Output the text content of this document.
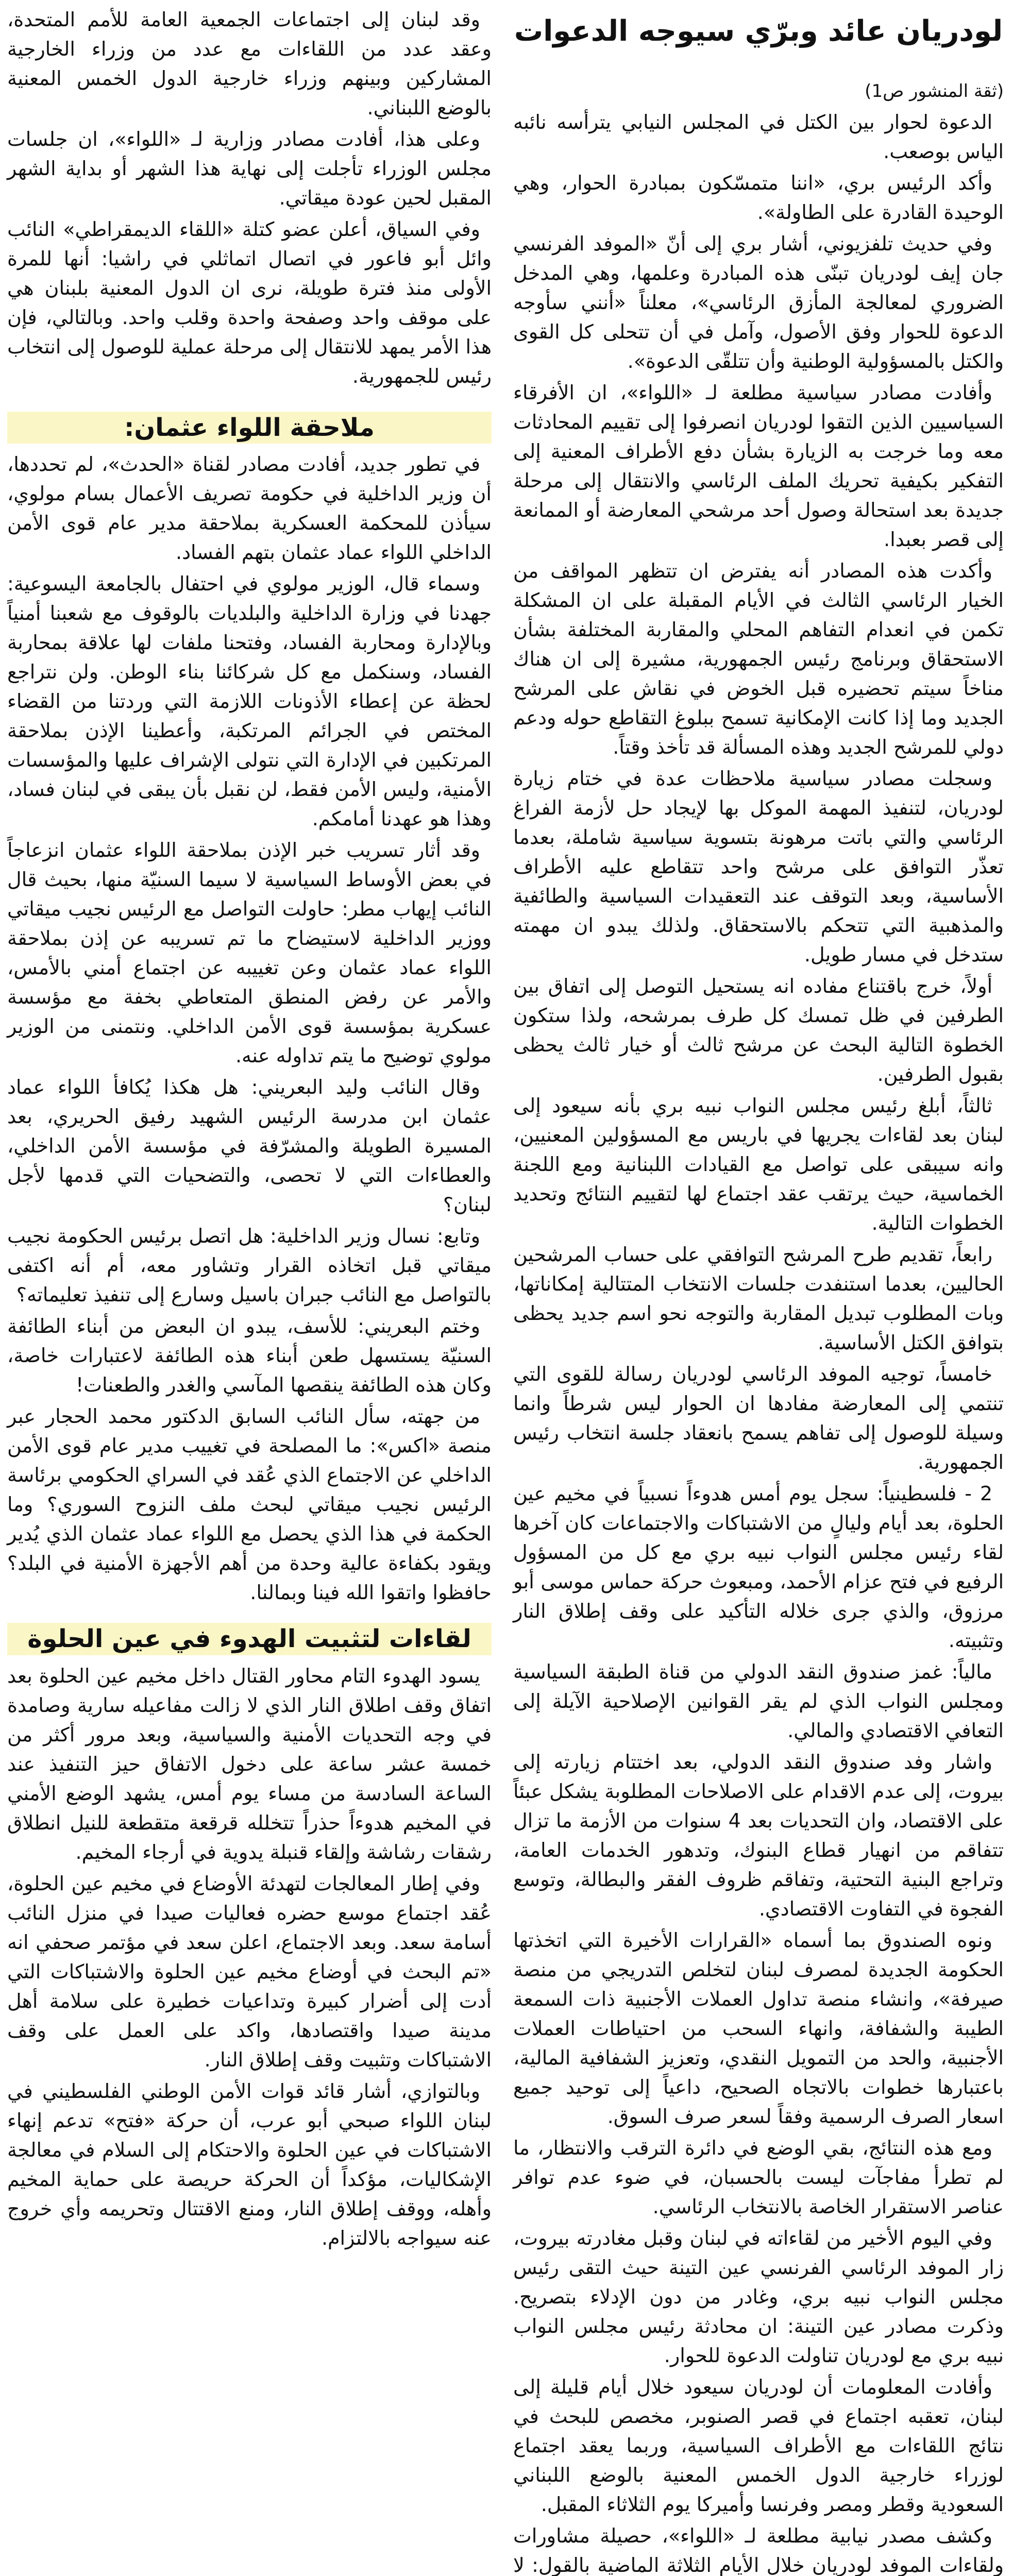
لودريان عائد وبرّي سيوجه الدعوات

(ثقة المنشور ص1)

الدعوة لحوار بين الكتل في المجلس النيابي يترأسه نائبه الياس بوصعب.

وأكد الرئيس بري، «اننا متمسّكون بمبادرة الحوار، وهي الوحيدة القادرة على الطاولة».

وفي حديث تلفزيوني، أشار بري إلى أنّ «الموفد الفرنسي جان إيف لودريان تبنّى هذه المبادرة وعلمها، وهي المدخل الضروري لمعالجة المأزق الرئاسي»، معلناً «أنني سأوجه الدعوة للحوار وفق الأصول، وآمل في أن تتحلى كل القوى والكتل بالمسؤولية الوطنية وأن تتلقّى الدعوة».

وأفادت مصادر سياسية مطلعة لـ «اللواء»، ان الأفرقاء السياسيين الذين التقوا لودريان انصرفوا إلى تقييم المحادثات معه وما خرجت به الزيارة بشأن دفع الأطراف المعنية إلى التفكير بكيفية تحريك الملف الرئاسي والانتقال إلى مرحلة جديدة بعد استحالة وصول أحد مرشحي المعارضة أو الممانعة إلى قصر بعبدا.

وأكدت هذه المصادر أنه يفترض ان تتظهر المواقف من الخيار الرئاسي الثالث في الأيام المقبلة على ان المشكلة تكمن في انعدام التفاهم المحلي والمقاربة المختلفة بشأن الاستحقاق وبرنامج رئيس الجمهورية، مشيرة إلى ان هناك مناخاً سيتم تحضيره قبل الخوض في نقاش على المرشح الجديد وما إذا كانت الإمكانية تسمح ببلوغ التقاطع حوله ودعم دولي للمرشح الجديد وهذه المسألة قد تأخذ وقتاً.

وسجلت مصادر سياسية ملاحظات عدة في ختام زيارة لودريان، لتنفيذ المهمة الموكل بها لإيجاد حل لأزمة الفراغ الرئاسي والتي باتت مرهونة بتسوية سياسية شاملة، بعدما تعذّر التوافق على مرشح واحد تتقاطع عليه الأطراف الأساسية، وبعد التوقف عند التعقيدات السياسية والطائفية والمذهبية التي تتحكم بالاستحقاق. ولذلك يبدو ان مهمته ستدخل في مسار طويل.

أولاً، خرج باقتناع مفاده انه يستحيل التوصل إلى اتفاق بين الطرفين في ظل تمسك كل طرف بمرشحه، ولذا ستكون الخطوة التالية البحث عن مرشح ثالث أو خيار ثالث يحظى بقبول الطرفين.

ثالثاً، أبلغ رئيس مجلس النواب نبيه بري بأنه سيعود إلى لبنان بعد لقاءات يجريها في باريس مع المسؤولين المعنيين، وانه سيبقى على تواصل مع القيادات اللبنانية ومع اللجنة الخماسية، حيث يرتقب عقد اجتماع لها لتقييم النتائج وتحديد الخطوات التالية.

رابعاً، تقديم طرح المرشح التوافقي على حساب المرشحين الحاليين، بعدما استنفدت جلسات الانتخاب المتتالية إمكاناتها، وبات المطلوب تبديل المقاربة والتوجه نحو اسم جديد يحظى بتوافق الكتل الأساسية.

خامساً، توجيه الموفد الرئاسي لودريان رسالة للقوى التي تنتمي إلى المعارضة مفادها ان الحوار ليس شرطاً وانما وسيلة للوصول إلى تفاهم يسمح بانعقاد جلسة انتخاب رئيس الجمهورية.

2 - فلسطينياً: سجل يوم أمس هدوءاً نسبياً في مخيم عين الحلوة، بعد أيام وليالٍ من الاشتباكات والاجتماعات كان آخرها لقاء رئيس مجلس النواب نبيه بري مع كل من المسؤول الرفيع في فتح عزام الأحمد، ومبعوث حركة حماس موسى أبو مرزوق، والذي جرى خلاله التأكيد على وقف إطلاق النار وتثبيته.

مالياً: غمز صندوق النقد الدولي من قناة الطبقة السياسية ومجلس النواب الذي لم يقر القوانين الإصلاحية الآيلة إلى التعافي الاقتصادي والمالي.

واشار وفد صندوق النقد الدولي، بعد اختتام زيارته إلى بيروت، إلى عدم الاقدام على الاصلاحات المطلوبة يشكل عبئاً على الاقتصاد، وان التحديات بعد 4 سنوات من الأزمة ما تزال تتفاقم من انهيار قطاع البنوك، وتدهور الخدمات العامة، وتراجع البنية التحتية، وتفاقم ظروف الفقر والبطالة، وتوسع الفجوة في التفاوت الاقتصادي.

ونوه الصندوق بما أسماه «القرارات الأخيرة التي اتخذتها الحكومة الجديدة لمصرف لبنان لتخلص التدريجي من منصة صيرفة»، وانشاء منصة تداول العملات الأجنبية ذات السمعة الطيبة والشفافة، وانهاء السحب من احتياطات العملات الأجنبية، والحد من التمويل النقدي، وتعزيز الشفافية المالية، باعتبارها خطوات بالاتجاه الصحيح، داعياً إلى توحيد جميع اسعار الصرف الرسمية وفقاً لسعر صرف السوق.

ومع هذه النتائج، بقي الوضع في دائرة الترقب والانتظار، ما لم تطرأ مفاجآت ليست بالحسبان، في ضوء عدم توافر عناصر الاستقرار الخاصة بالانتخاب الرئاسي.

وفي اليوم الأخير من لقاءاته في لبنان وقبل مغادرته بيروت، زار الموفد الرئاسي الفرنسي عين التينة حيث التقى رئيس مجلس النواب نبيه بري، وغادر من دون الإدلاء بتصريح. وذكرت مصادر عين التينة: ان محادثة رئيس مجلس النواب نبيه بري مع لودريان تناولت الدعوة للحوار.

وأفادت المعلومات أن لودريان سيعود خلال أيام قليلة إلى لبنان، تعقبه اجتماع في قصر الصنوبر، مخصص للبحث في نتائج اللقاءات مع الأطراف السياسية، وربما يعقد اجتماع لوزراء خارجية الدول الخمس المعنية بالوضع اللبناني السعودية وقطر ومصر وفرنسا وأميركا يوم الثلاثاء المقبل.

وكشف مصدر نيابية مطلعة لـ «اللواء»، حصيلة مشاورات ولقاءات الموفد لودريان خلال الأيام الثلاثة الماضية بالقول: لا

وقد لبنان إلى اجتماعات الجمعية العامة للأمم المتحدة، وعقد عدد من اللقاءات مع عدد من وزراء الخارجية المشاركين وبينهم وزراء خارجية الدول الخمس المعنية بالوضع اللبناني.

وعلى هذا، أفادت مصادر وزارية لـ «اللواء»، ان جلسات مجلس الوزراء تأجلت إلى نهاية هذا الشهر أو بداية الشهر المقبل لحين عودة ميقاتي.

وفي السياق، أعلن عضو كتلة «اللقاء الديمقراطي» النائب وائل أبو فاعور في اتصال اتماثلي في راشيا: أنها للمرة الأولى منذ فترة طويلة، نرى ان الدول المعنية بلبنان هي على موقف واحد وصفحة واحدة وقلب واحد. وبالتالي، فإن هذا الأمر يمهد للانتقال إلى مرحلة عملية للوصول إلى انتخاب رئيس للجمهورية.

ملاحقة اللواء عثمان:

في تطور جديد، أفادت مصادر لقناة «الحدث»، لم تحددها، أن وزير الداخلية في حكومة تصريف الأعمال بسام مولوي، سيأذن للمحكمة العسكرية بملاحقة مدير عام قوى الأمن الداخلي اللواء عماد عثمان بتهم الفساد.

وسماء قال، الوزير مولوي في احتفال بالجامعة اليسوعية: جهدنا في وزارة الداخلية والبلديات بالوقوف مع شعبنا أمنياً وبالإدارة ومحاربة الفساد، وفتحنا ملفات لها علاقة بمحاربة الفساد، وسنكمل مع كل شركائنا بناء الوطن. ولن نتراجع لحظة عن إعطاء الأذونات اللازمة التي وردتنا من القضاء المختص في الجرائم المرتكبة، وأعطينا الإذن بملاحقة المرتكبين في الإدارة التي نتولى الإشراف عليها والمؤسسات الأمنية، وليس الأمن فقط، لن نقبل بأن يبقى في لبنان فساد، وهذا هو عهدنا أمامكم.

وقد أثار تسريب خبر الإذن بملاحقة اللواء عثمان انزعاجاً في بعض الأوساط السياسية لا سيما السنيّة منها، بحيث قال النائب إيهاب مطر: حاولت التواصل مع الرئيس نجيب ميقاتي ووزير الداخلية لاستيضاح ما تم تسريبه عن إذن بملاحقة اللواء عماد عثمان وعن تغييبه عن اجتماع أمني بالأمس، والأمر عن رفض المنطق المتعاطي بخفة مع مؤسسة عسكرية بمؤسسة قوى الأمن الداخلي. ونتمنى من الوزير مولوي توضيح ما يتم تداوله عنه.

وقال النائب وليد البعريني: هل هكذا يُكافأ اللواء عماد عثمان ابن مدرسة الرئيس الشهيد رفيق الحريري، بعد المسيرة الطويلة والمشرّفة في مؤسسة الأمن الداخلي، والعطاءات التي لا تحصى، والتضحيات التي قدمها لأجل لبنان؟

وتابع: نسال وزير الداخلية: هل اتصل برئيس الحكومة نجيب ميقاتي قبل اتخاذه القرار وتشاور معه، أم أنه اكتفى بالتواصل مع النائب جبران باسيل وسارع إلى تنفيذ تعليماته؟

وختم البعريني: للأسف، يبدو ان البعض من أبناء الطائفة السنيّة يستسهل طعن أبناء هذه الطائفة لاعتبارات خاصة، وكان هذه الطائفة ينقصها المآسي والغدر والطعنات!

من جهته، سأل النائب السابق الدكتور محمد الحجار عبر منصة «اكس»: ما المصلحة في تغييب مدير عام قوى الأمن الداخلي عن الاجتماع الذي عُقد في السراي الحكومي برئاسة الرئيس نجيب ميقاتي لبحث ملف النزوح السوري؟ وما الحكمة في هذا الذي يحصل مع اللواء عماد عثمان الذي يُدير ويقود بكفاءة عالية وحدة من أهم الأجهزة الأمنية في البلد؟ حافظوا واتقوا الله فينا وبمالنا.

لقاءات لتثبيت الهدوء في عين الحلوة

يسود الهدوء التام محاور القتال داخل مخيم عين الحلوة بعد اتفاق وقف اطلاق النار الذي لا زالت مفاعيله سارية وصامدة في وجه التحديات الأمنية والسياسية، وبعد مرور أكثر من خمسة عشر ساعة على دخول الاتفاق حيز التنفيذ عند الساعة السادسة من مساء يوم أمس، يشهد الوضع الأمني في المخيم هدوءاً حذراً تتخلله قرقعة متقطعة للنيل انطلاق رشقات رشاشة وإلقاء قنبلة يدوية في أرجاء المخيم.

وفي إطار المعالجات لتهدئة الأوضاع في مخيم عين الحلوة، عُقد اجتماع موسع حضره فعاليات صيدا في منزل النائب أسامة سعد. وبعد الاجتماع، اعلن سعد في مؤتمر صحفي انه «تم البحث في أوضاع مخيم عين الحلوة والاشتباكات التي أدت إلى أضرار كبيرة وتداعيات خطيرة على سلامة أهل مدينة صيدا واقتصادها، واكد على العمل على وقف الاشتباكات وتثبيت وقف إطلاق النار.

وبالتوازي، أشار قائد قوات الأمن الوطني الفلسطيني في لبنان اللواء صبحي أبو عرب، أن حركة «فتح» تدعم إنهاء الاشتباكات في عين الحلوة والاحتكام إلى السلام في معالجة الإشكاليات، مؤكداً أن الحركة حريصة على حماية المخيم وأهله، ووقف إطلاق النار، ومنع الاقتتال وتحريمه وأي خروج عنه سيواجه بالالتزام.
